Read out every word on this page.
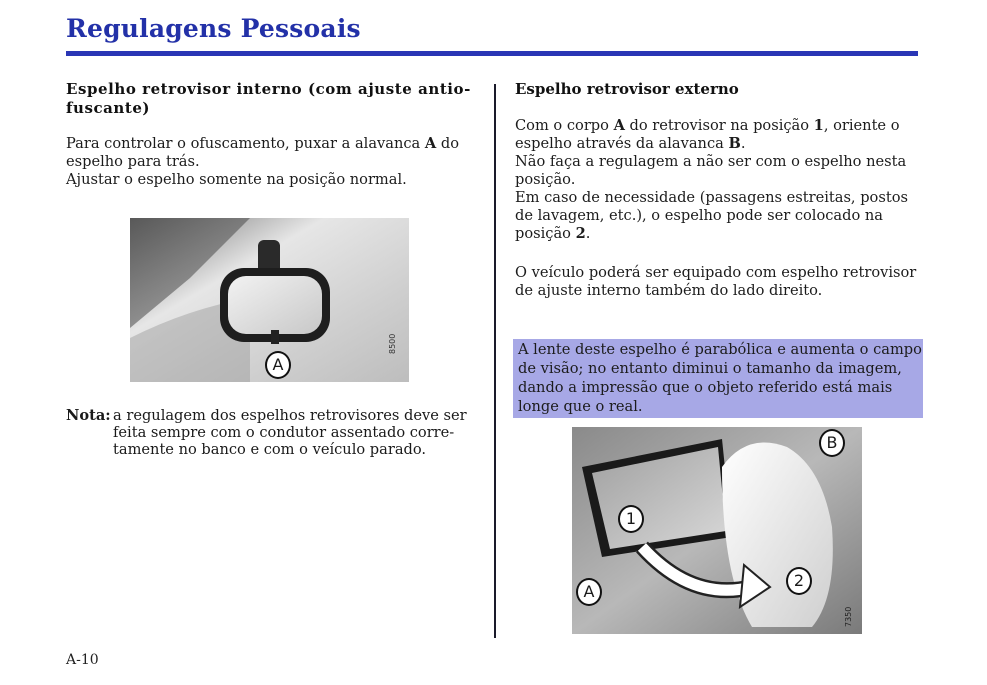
Regulagens Pessoais
Espelho retrovisor interno (com ajuste antio-
fuscante)
Para controlar o ofuscamento, puxar a alavanca A do
espelho para trás.
Ajustar o espelho somente na posição normal.
A
8500
Nota: a regulagem dos espelhos retrovisores deve ser
feita sempre com o condutor assentado corre-
tamente no banco e com o veículo parado.
Espelho retrovisor externo
Com o corpo A do retrovisor na posição 1, oriente o
espelho através da alavanca B.
Não faça a regulagem a não ser com o espelho nesta
posição.
Em caso de necessidade (passagens estreitas, postos
de lavagem, etc.), o espelho pode ser colocado na
posição 2.
O veículo poderá ser equipado com espelho retrovisor
de ajuste interno também do lado direito.
A lente deste espelho é parabólica e aumenta o campo
de visão; no entanto diminui o tamanho da imagem,
dando a impressão que o objeto referido está mais
longe que o real.
1
A
2
B
7350
A-10
